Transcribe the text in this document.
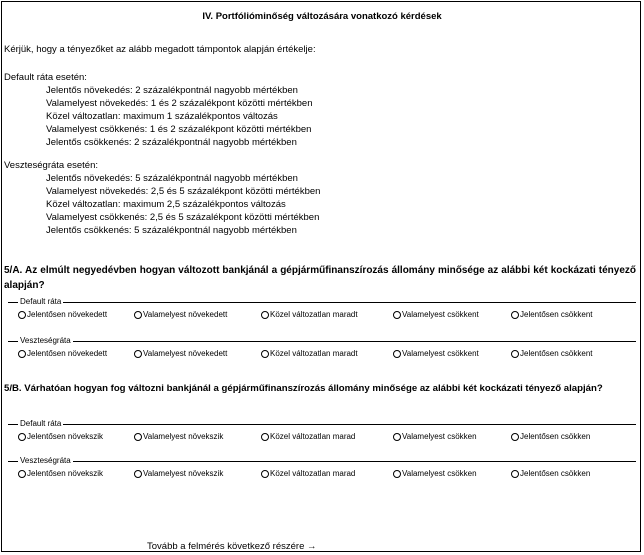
IV. Portfólióminőség változására vonatkozó kérdések
Kérjük, hogy a tényezőket az alább megadott támpontok alapján értékelje:
Default ráta esetén:
Jelentős növekedés: 2 százalékpontnál nagyobb mértékben
Valamelyest növekedés: 1 és 2 százalékpont közötti mértékben
Közel változatlan: maximum 1 százalékpontos változás
Valamelyest csökkenés: 1 és 2 százalékpont közötti mértékben
Jelentős csökkenés: 2 százalékpontnál nagyobb mértékben
Veszteségráta esetén:
Jelentős növekedés: 5 százalékpontnál nagyobb mértékben
Valamelyest növekedés: 2,5 és 5 százalékpont közötti mértékben
Közel változatlan: maximum 2,5 százalékpontos változás
Valamelyest csökkenés: 2,5 és 5 százalékpont közötti mértékben
Jelentős csökkenés: 5 százalékpontnál nagyobb mértékben
5/A. Az elmúlt negyedévben hogyan változott bankjánál a gépjárműfinanszírozás állomány minősége az alábbi két kockázati tényező alapján?
Default ráta
Jelentősen növekedett	Valamelyest növekedett	Közel változatlan maradt	Valamelyest csökkent	Jelentősen csökkent
Veszteségráta
Jelentősen növekedett	Valamelyest növekedett	Közel változatlan maradt	Valamelyest csökkent	Jelentősen csökkent
5/B. Várhatóan hogyan fog változni bankjánál a gépjárműfinanszírozás állomány minősége az alábbi két kockázati tényező alapján?
Default ráta
Jelentősen növekszik	Valamelyest növekszik	Közel változatlan marad	Valamelyest csökken	Jelentősen csökken
Veszteségráta
Jelentősen növekszik	Valamelyest növekszik	Közel változatlan marad	Valamelyest csökken	Jelentősen csökken
Tovább a felmérés következő részére →
